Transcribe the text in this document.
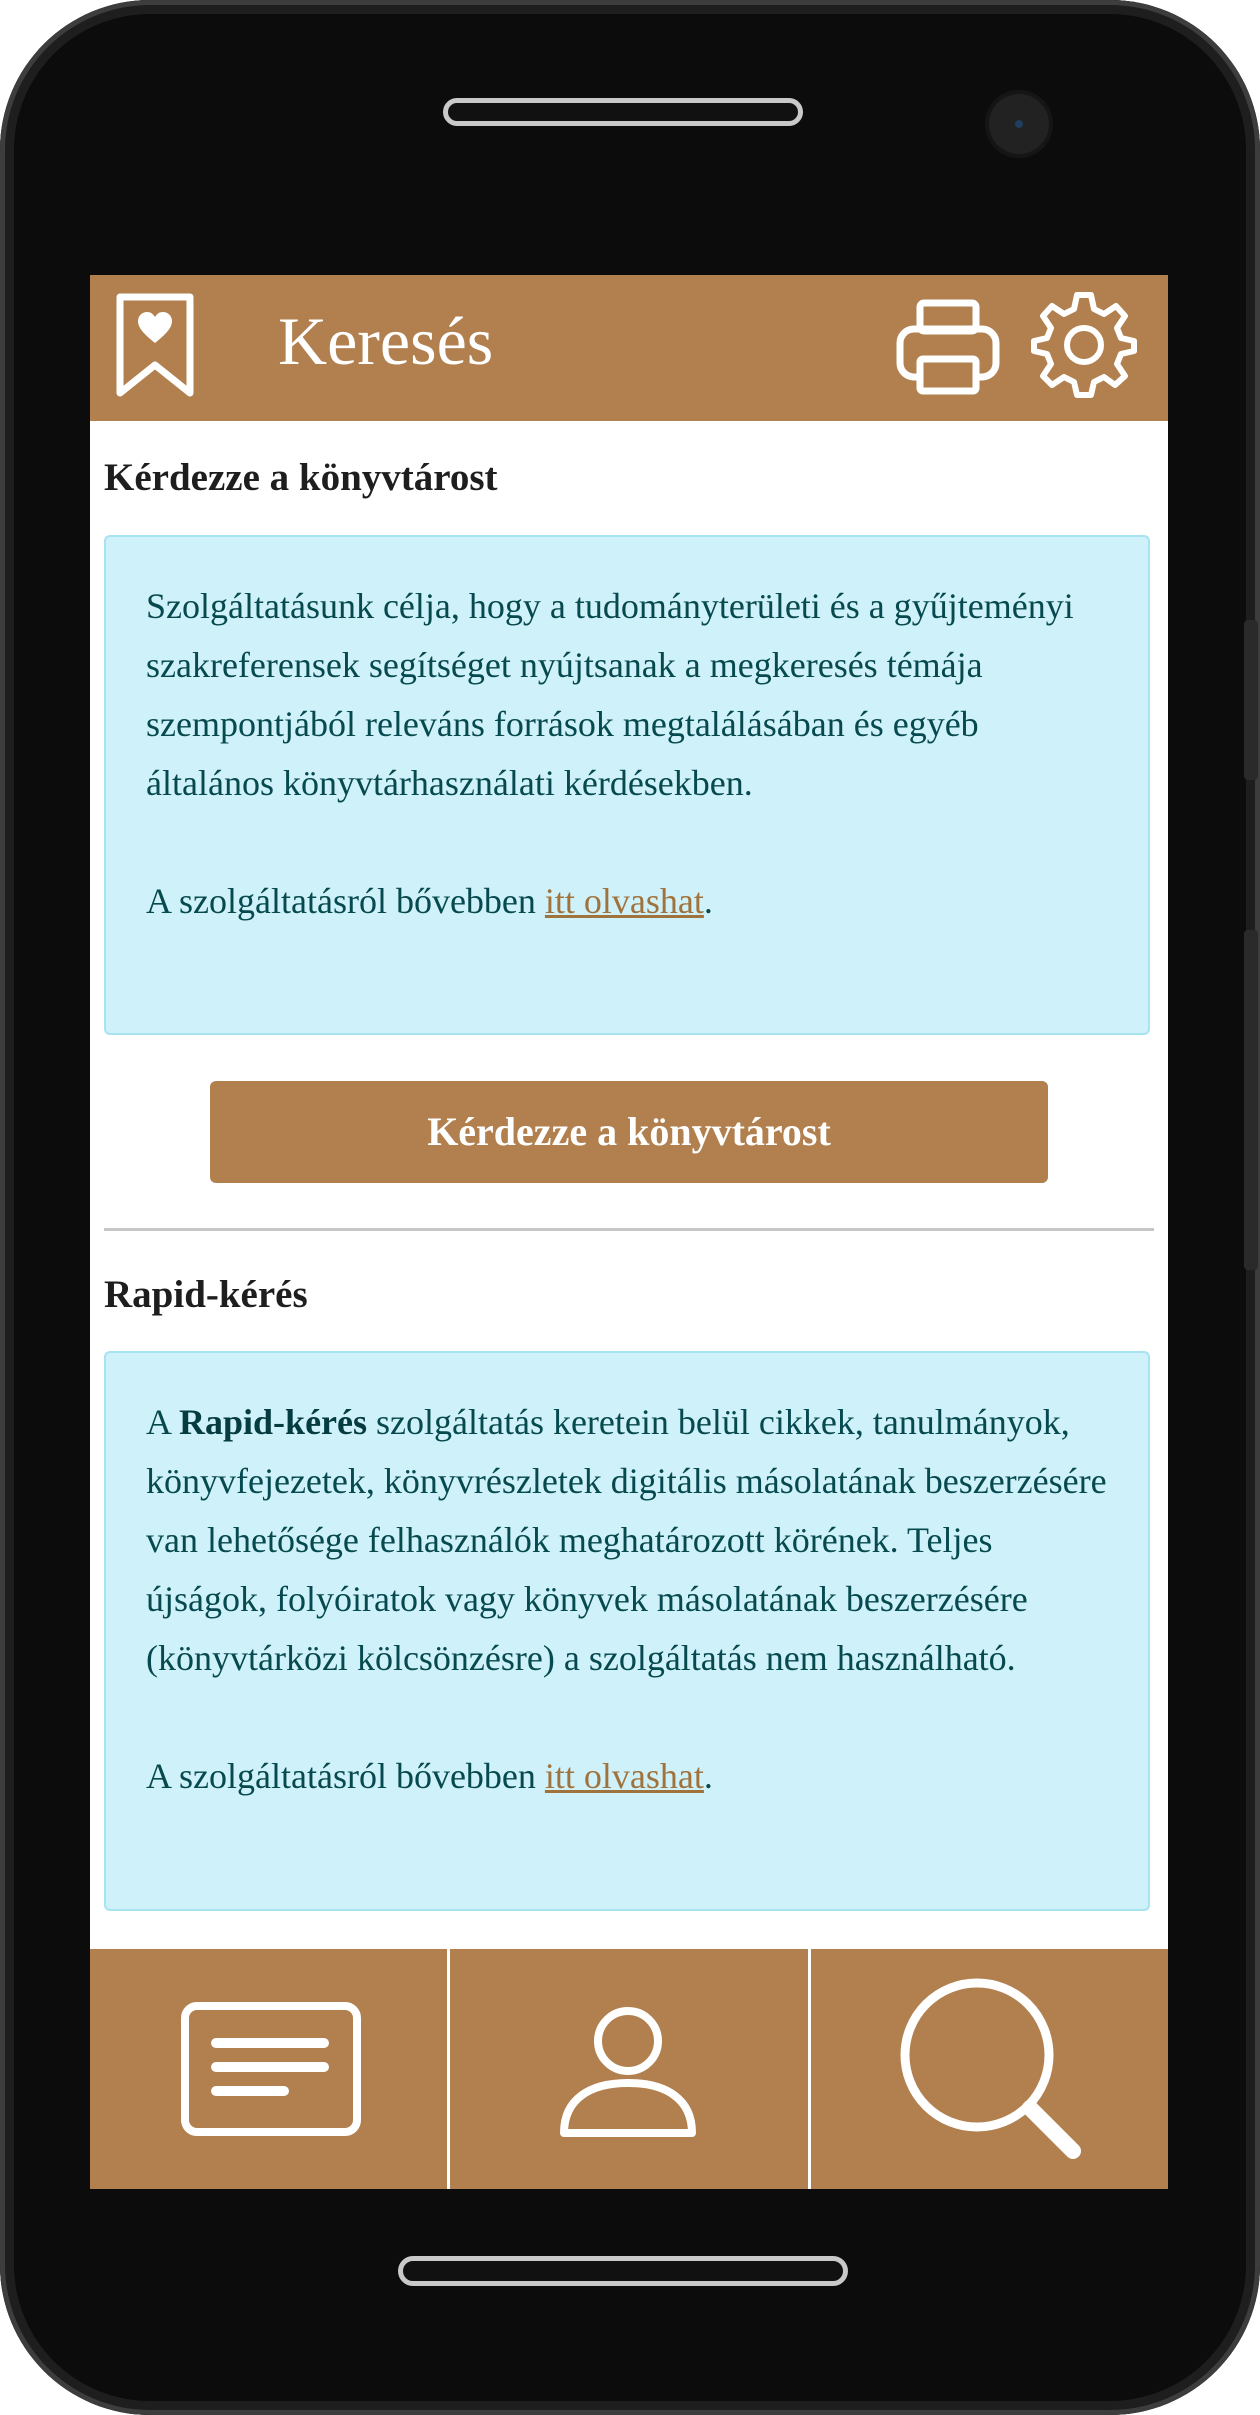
Keresés
Kérdezze a könyvtárost

Szolgáltatásunk célja, hogy a tudományterületi és a gyűjteményi szakreferensek segítséget nyújtsanak a megkeresés témája szempontjából releváns források megtalálásában és egyéb általános könyvtárhasználati kérdésekben.

A szolgáltatásról bővebben itt olvashat.

Kérdezze a könyvtárost
Rapid-kérés

A Rapid-kérés szolgáltatás keretein belül cikkek, tanulmányok, könyvfejezetek, könyvrészletek digitális másolatának beszerzésére van lehetősége felhasználók meghatározott körének. Teljes újságok, folyóiratok vagy könyvek másolatának beszerzésére (könyvtárközi kölcsönzésre) a szolgáltatás nem használható.

A szolgáltatásról bővebben itt olvashat.
